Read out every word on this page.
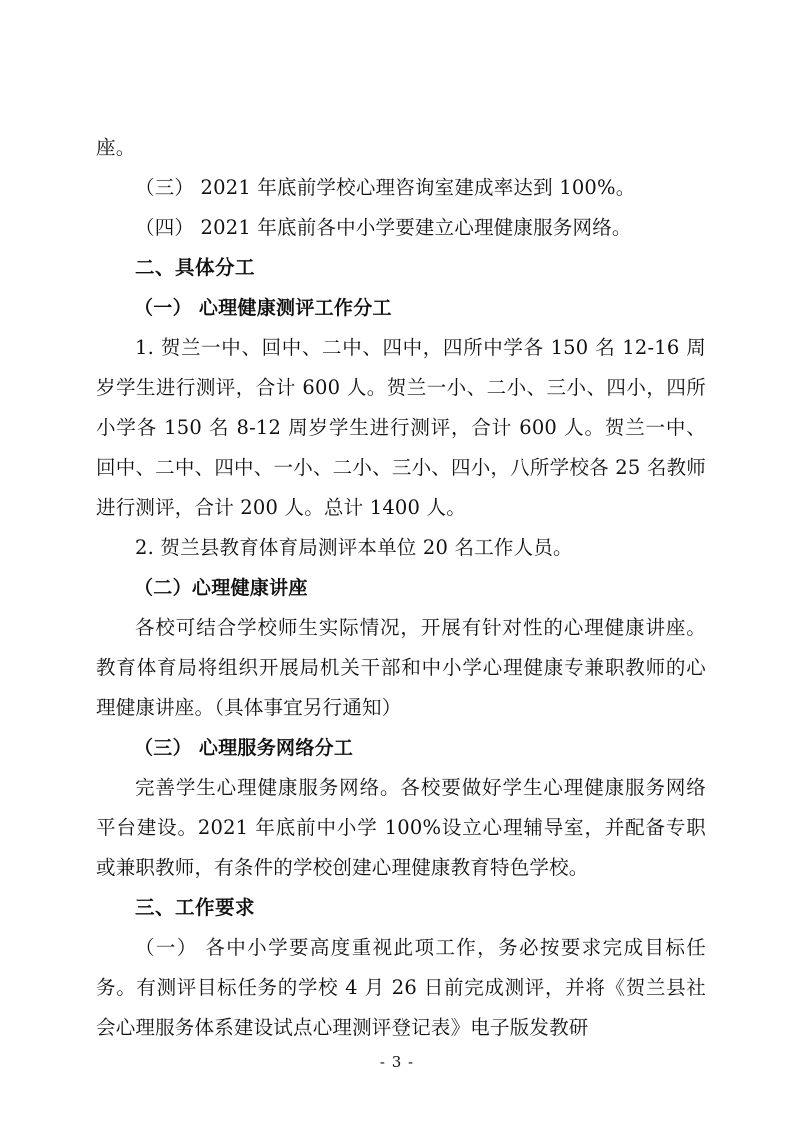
座。

（三） 2021 年底前学校心理咨询室建成率达到 100%。

（四） 2021 年底前各中小学要建立心理健康服务网络。

二、具体分工

（一） 心理健康测评工作分工

1. 贺兰一中、回中、二中、四中，四所中学各 150 名 12-16 周岁学生进行测评，合计 600 人。贺兰一小、二小、三小、四小，四所小学各 150 名 8-12 周岁学生进行测评，合计 600 人。贺兰一中、回中、二中、四中、一小、二小、三小、四小，八所学校各 25 名教师进行测评，合计 200 人。总计 1400 人。

2. 贺兰县教育体育局测评本单位 20 名工作人员。

（二）心理健康讲座

各校可结合学校师生实际情况，开展有针对性的心理健康讲座。教育体育局将组织开展局机关干部和中小学心理健康专兼职教师的心理健康讲座。（具体事宜另行通知）

（三） 心理服务网络分工

完善学生心理健康服务网络。各校要做好学生心理健康服务网络平台建设。2021 年底前中小学 100%设立心理辅导室，并配备专职或兼职教师，有条件的学校创建心理健康教育特色学校。

三、工作要求

（一） 各中小学要高度重视此项工作，务必按要求完成目标任务。有测评目标任务的学校 4 月 26 日前完成测评，并将《贺兰县社会心理服务体系建设试点心理测评登记表》电子版发教研

- 3 -
